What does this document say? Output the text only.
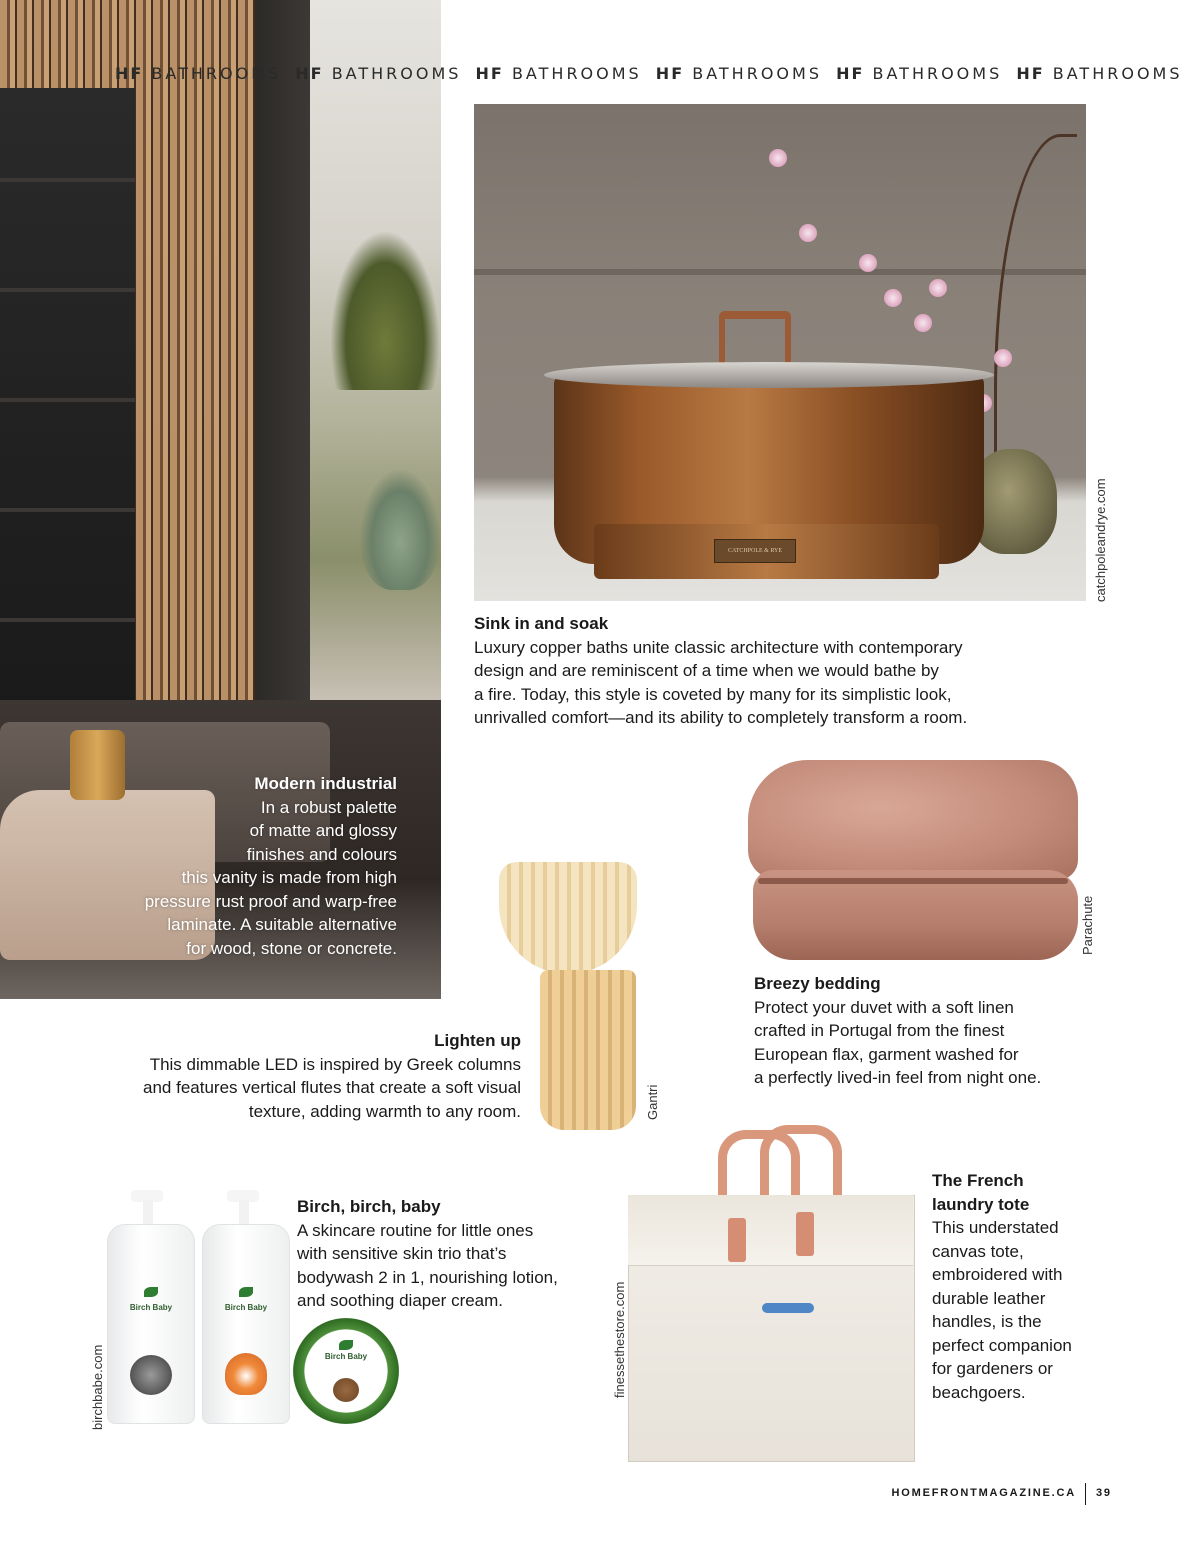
Modern industrial
In a robust palette
of matte and glossy
finishes and colours
this vanity is made from high
pressure rust proof and warp-free
laminate. A suitable alternative
for wood, stone or concrete.
HF BATHROOMS HF BATHROOMS HF BATHROOMS HF BATHROOMS HF BATHROOMS HF BATHROOMS
CATCHPOLE & RYE	catchpoleandrye.com
Sink in and soak
Luxury copper baths unite classic architecture with contemporary
design and are reminiscent of a time when we would bathe by
a fire. Today, this style is coveted by many for its simplistic look,
unrivalled comfort—and its ability to completely transform a room.
Parachute
Breezy bedding
Protect your duvet with a soft linen
crafted in Portugal from the finest
European flax, garment washed for
a perfectly lived-in feel from night one.
Gantri
Lighten up
This dimmable LED is inspired by Greek columns
and features vertical flutes that create a soft visual
texture, adding warmth to any room.
Birch Baby	Birch Baby
Birch Baby
birchbabe.com
Birch, birch, baby
A skincare routine for little ones
with sensitive skin trio that’s
bodywash 2 in 1, nourishing lotion,
and soothing diaper cream.	finessethestore.com
The French
laundry tote
This understated
canvas tote,
embroidered with
durable leather
handles, is the
perfect companion
for gardeners or
beachgoers.
HOMEFRONTMAGAZINE.CA 39
